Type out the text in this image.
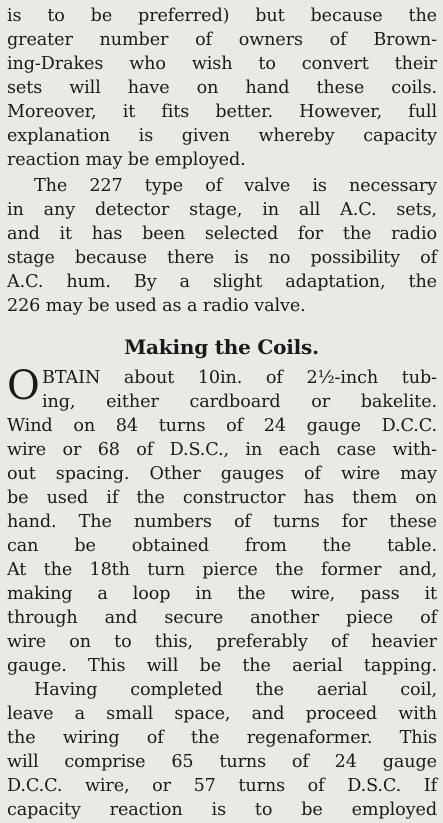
is to be preferred) but because the
greater number of owners of Brown-
ing-Drakes who wish to convert their
sets will have on hand these coils.
Moreover, it fits better. However, full
explanation is given whereby capacity
reaction may be employed.
The 227 type of valve is necessary
in any detector stage, in all A.C. sets,
and it has been selected for the radio
stage because there is no possibility of
A.C. hum. By a slight adaptation, the
226 may be used as a radio valve.
Making the Coils.
O BTAIN about 10in. of 2½-inch tub-
ing, either cardboard or bakelite.
Wind on 84 turns of 24 gauge D.C.C.
wire or 68 of D.S.C., in each case with-
out spacing. Other gauges of wire may
be used if the constructor has them on
hand. The numbers of turns for these
can be obtained from the table.
At the 18th turn pierce the former and,
making a loop in the wire, pass it
through and secure another piece of
wire on to this, preferably of heavier
gauge. This will be the aerial tapping.
Having completed the aerial coil,
leave a small space, and proceed with
the wiring of the regenaformer. This
will comprise 65 turns of 24 gauge
D.C.C. wire, or 57 turns of D.S.C. If
capacity reaction is to be employed
